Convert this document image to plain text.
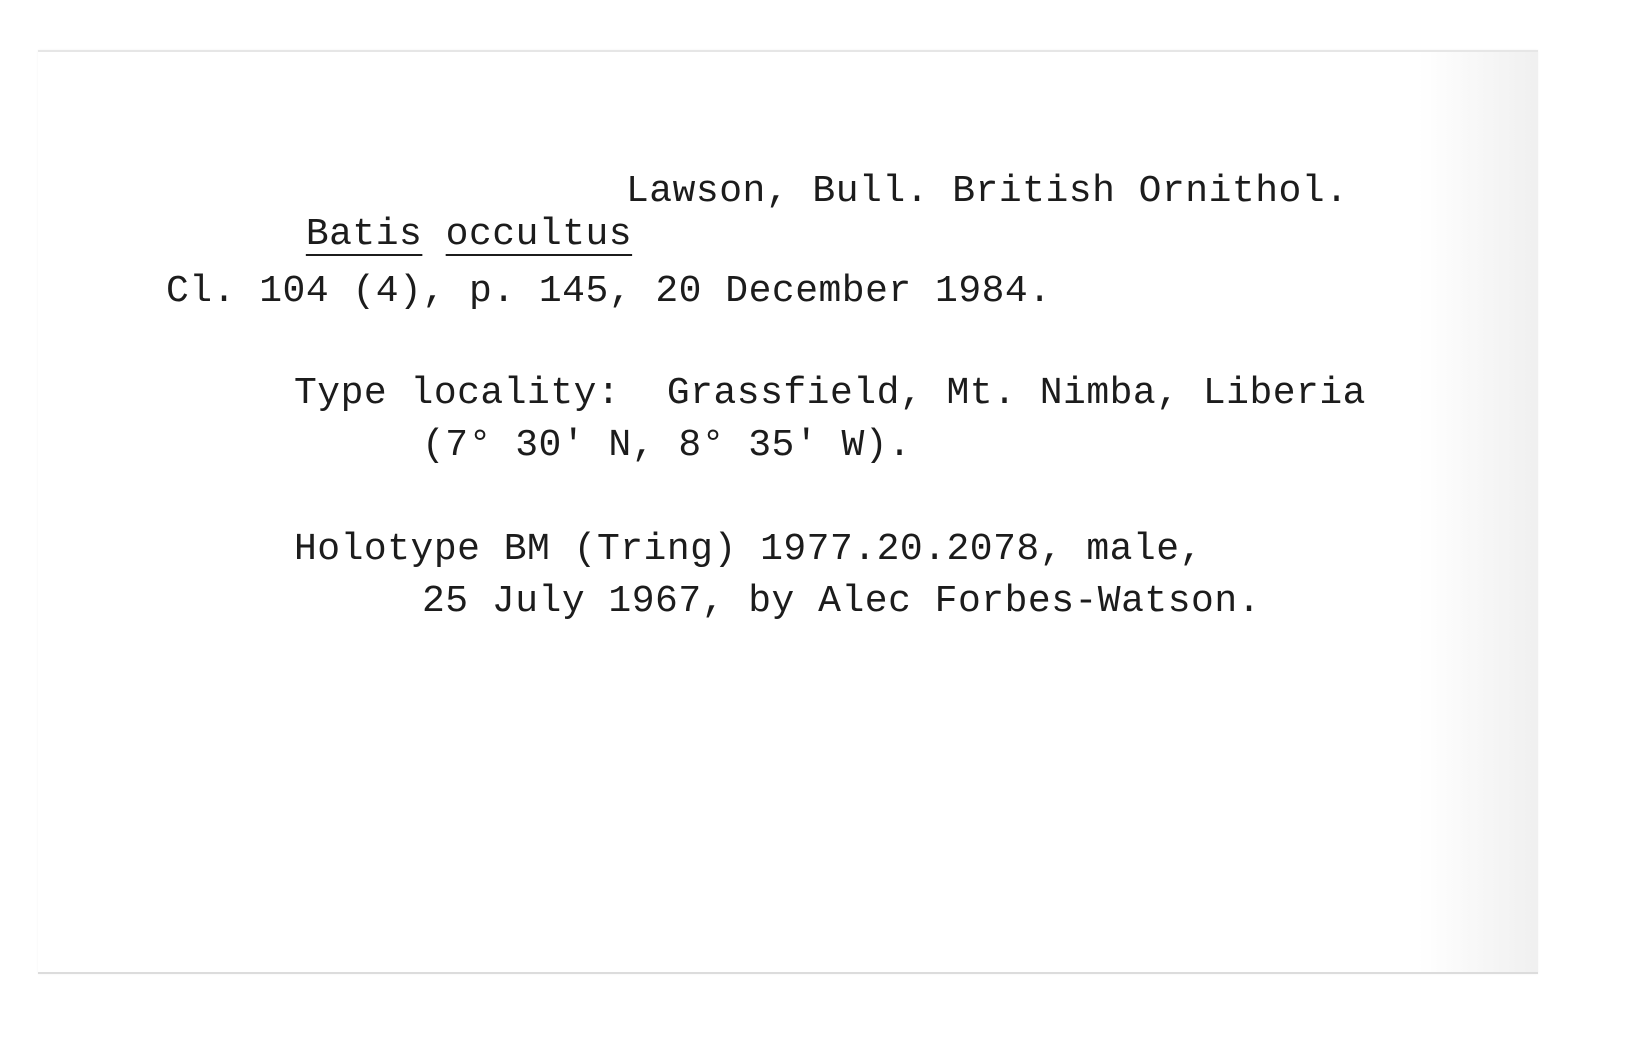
Batis occultus

Lawson, Bull. British Ornithol.

Cl. 104 (4), p. 145, 20 December 1984.
Type locality:  Grassfield, Mt. Nimba, Liberia
(7° 30' N, 8° 35' W).
Holotype BM (Tring) 1977.20.2078, male,
25 July 1967, by Alec Forbes-Watson.
